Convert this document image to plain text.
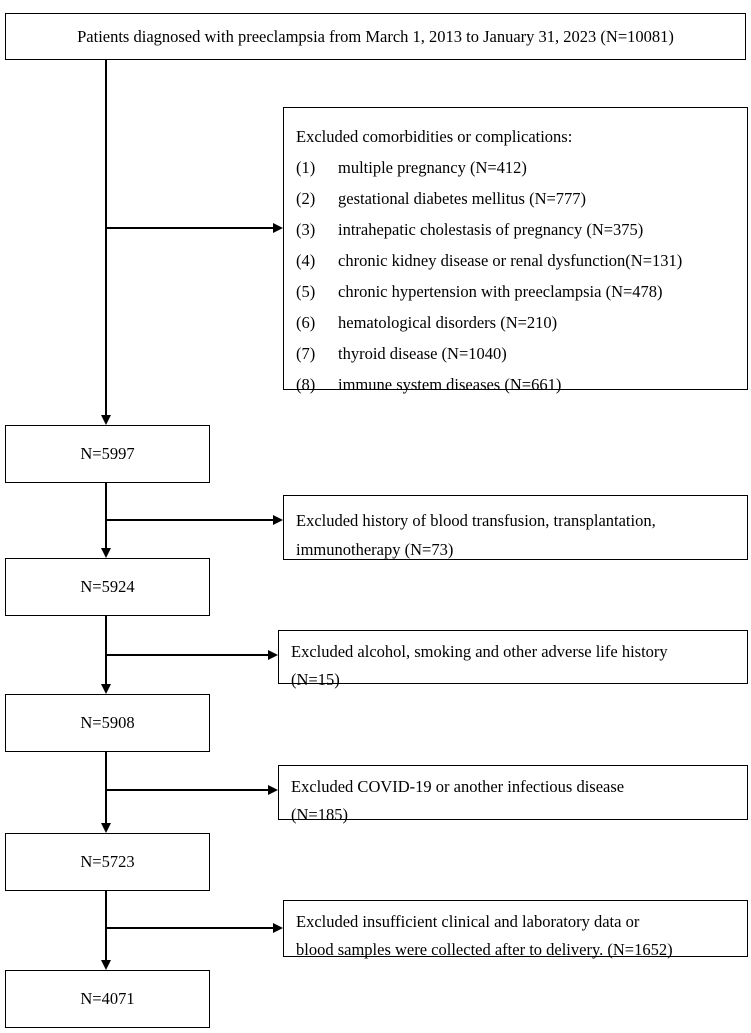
Patients diagnosed with preeclampsia from March 1, 2013 to January 31, 2023 (N=10081)
Excluded comorbidities or complications:
(1)	multiple pregnancy (N=412)
(2)	gestational diabetes mellitus (N=777)
(3)	intrahepatic cholestasis of pregnancy (N=375)
(4)	chronic kidney disease or renal dysfunction(N=131)
(5)	chronic hypertension with preeclampsia (N=478)
(6)	hematological disorders (N=210)
(7)	thyroid disease (N=1040)
(8)	immune system diseases (N=661)
N=5997
Excluded history of blood transfusion, transplantation,
immunotherapy (N=73)
N=5924
Excluded alcohol, smoking and other adverse life history
(N=15)
N=5908
Excluded COVID-19 or another infectious disease
(N=185)
N=5723
Excluded insufficient clinical and laboratory data or
blood samples were collected after to delivery. (N=1652)
N=4071
